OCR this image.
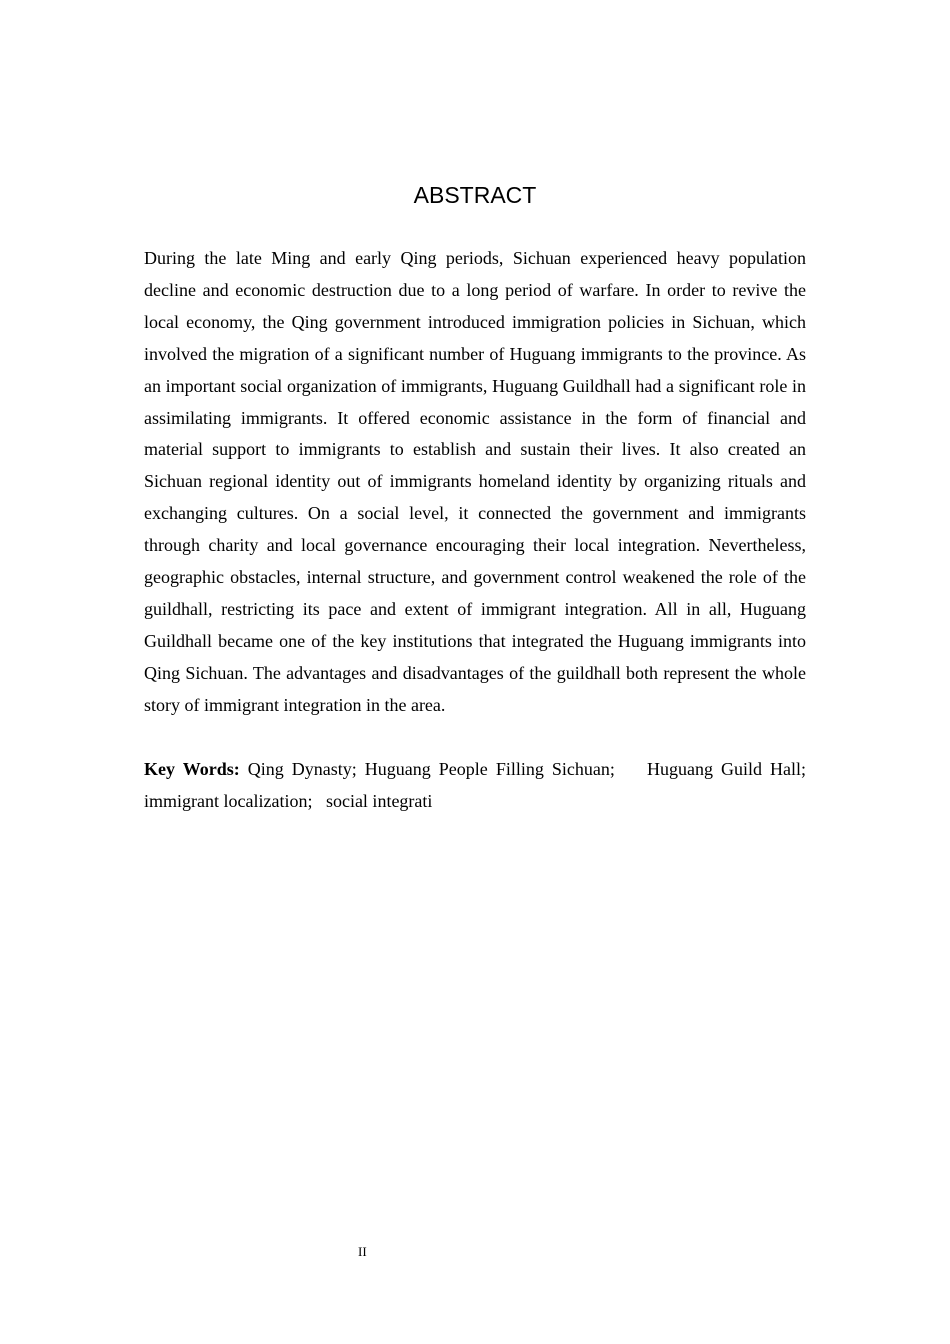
ABSTRACT

During the late Ming and early Qing periods, Sichuan experienced heavy population decline and economic destruction due to a long period of warfare. In order to revive the local economy, the Qing government introduced immigration policies in Sichuan, which involved the migration of a significant number of Huguang immigrants to the province. As an important social organization of immigrants, Huguang Guildhall had a significant role in assimilating immigrants. It offered economic assistance in the form of financial and material support to immigrants to establish and sustain their lives. It also created an Sichuan regional identity out of immigrants homeland identity by organizing rituals and exchanging cultures. On a social level, it connected the government and immigrants through charity and local governance encouraging their local integration. Nevertheless, geographic obstacles, internal structure, and government control weakened the role of the guildhall, restricting its pace and extent of immigrant integration. All in all, Huguang Guildhall became one of the key institutions that integrated the Huguang immigrants into Qing Sichuan. The advantages and disadvantages of the guildhall both represent the whole story of immigrant integration in the area.

Key Words: Qing Dynasty; Huguang People Filling Sichuan;    Huguang Guild Hall; immigrant localization;   social integrati

II
